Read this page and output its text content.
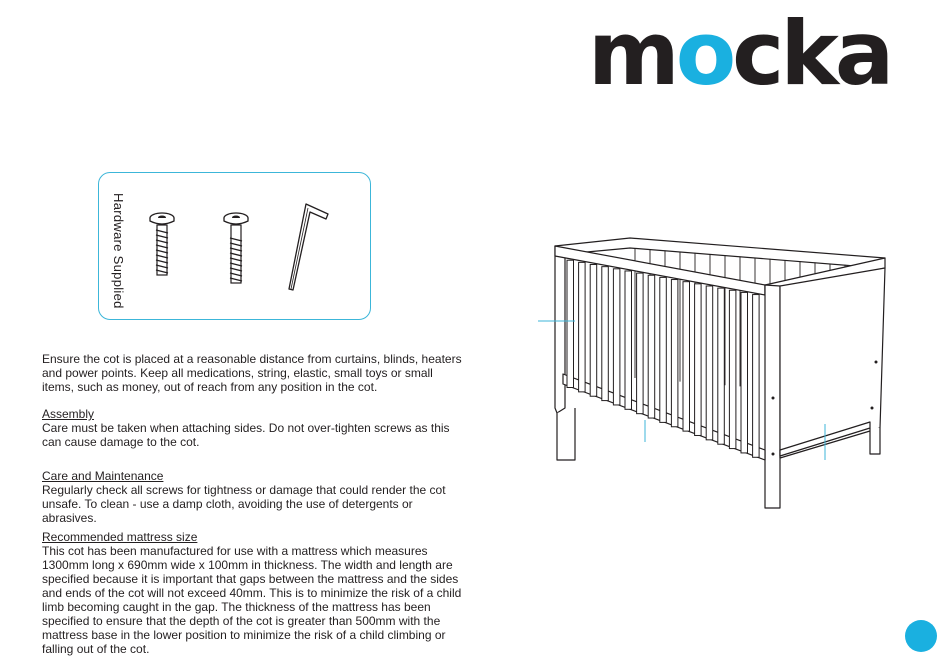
mocka
Hardware Supplied

Ensure the cot is placed at a reasonable distance from curtains, blinds, heaters and power points. Keep all medications, string, elastic, small toys or small items, such as money, out of reach from any position in the cot.

Assembly

Care must be taken when attaching sides. Do not over-tighten screws as this can cause damage to the cot.

Care and Maintenance

Regularly check all screws for tightness or damage that could render the cot unsafe. To clean - use a damp cloth, avoiding the use of detergents or abrasives.

Recommended mattress size

This cot has been manufactured for use with a mattress which measures 1300mm long x 690mm wide x 100mm in thickness. The width and length are specified because it is important that gaps between the mattress and the sides and ends of the cot will not exceed 40mm. This is to minimize the risk of a child limb becoming caught in the gap. The thickness of the mattress has been specified to ensure that the depth of the cot is greater than 500mm with the mattress base in the lower position to minimize the risk of a child climbing or falling out of the cot.
